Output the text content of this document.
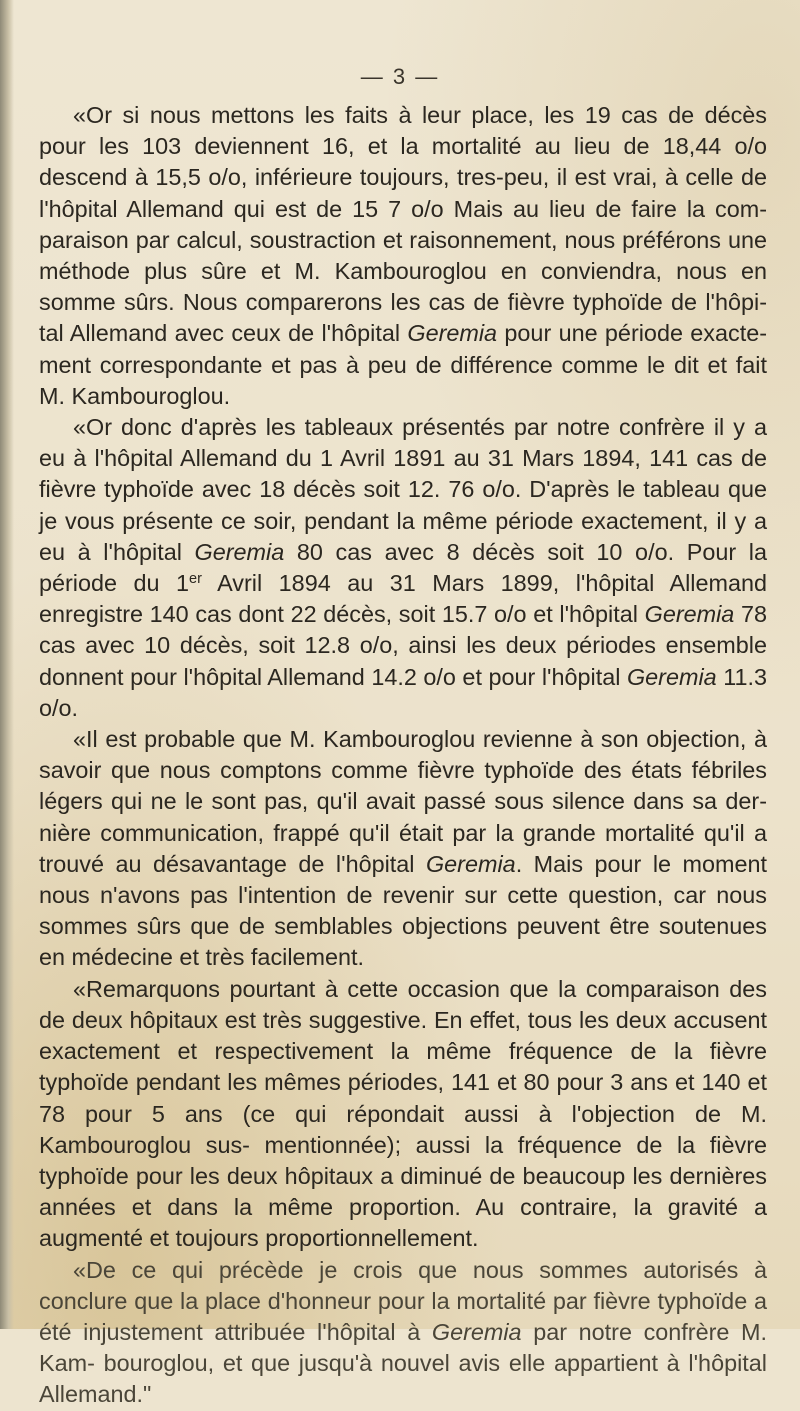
— 3 —

«Or si nous mettons les faits à leur place, les 19 cas de décès pour les 103 deviennent 16, et la mortalité au lieu de 18,44 o/o descend à 15,5 o/o, inférieure toujours, tres-peu, il est vrai, à celle de l'hôpital Allemand qui est de 15 7 o/o Mais au lieu de faire la com- paraison par calcul, soustraction et raisonnement, nous préférons une méthode plus sûre et M. Kambouroglou en conviendra, nous en somme sûrs. Nous comparerons les cas de fièvre typhoïde de l'hôpi- tal Allemand avec ceux de l'hôpital Geremia pour une période exacte- ment correspondante et pas à peu de différence comme le dit et fait M. Kambouroglou.

«Or donc d'après les tableaux présentés par notre confrère il y a eu à l'hôpital Allemand du 1 Avril 1891 au 31 Mars 1894, 141 cas de fièvre typhoïde avec 18 décès soit 12. 76 o/o. D'après le tableau que je vous présente ce soir, pendant la même période exactement, il y a eu à l'hôpital Geremia 80 cas avec 8 décès soit 10 o/o. Pour la période du 1er Avril 1894 au 31 Mars 1899, l'hôpital Allemand enregistre 140 cas dont 22 décès, soit 15.7 o/o et l'hôpital Geremia 78 cas avec 10 décès, soit 12.8 o/o, ainsi les deux périodes ensemble donnent pour l'hôpital Allemand 14.2 o/o et pour l'hôpital Geremia 11.3 o/o.

«Il est probable que M. Kambouroglou revienne à son objection, à savoir que nous comptons comme fièvre typhoïde des états fébriles légers qui ne le sont pas, qu'il avait passé sous silence dans sa der- nière communication, frappé qu'il était par la grande mortalité qu'il a trouvé au désavantage de l'hôpital Geremia. Mais pour le moment nous n'avons pas l'intention de revenir sur cette question, car nous sommes sûrs que de semblables objections peuvent être soutenues en médecine et très facilement.

«Remarquons pourtant à cette occasion que la comparaison des de deux hôpitaux est très suggestive. En effet, tous les deux accusent exactement et respectivement la même fréquence de la fièvre typhoïde pendant les mêmes périodes, 141 et 80 pour 3 ans et 140 et 78 pour 5 ans (ce qui répondait aussi à l'objection de M. Kambouroglou sus- mentionnée); aussi la fréquence de la fièvre typhoïde pour les deux hôpitaux a diminué de beaucoup les dernières années et dans la même proportion. Au contraire, la gravité a augmenté et toujours proportionnellement.

«De ce qui précède je crois que nous sommes autorisés à conclure que la place d'honneur pour la mortalité par fièvre typhoïde a été injustement attribuée l'hôpital à Geremia par notre confrère M. Kam- bouroglou, et que jusqu'à nouvel avis elle appartient à l'hôpital Allemand."
